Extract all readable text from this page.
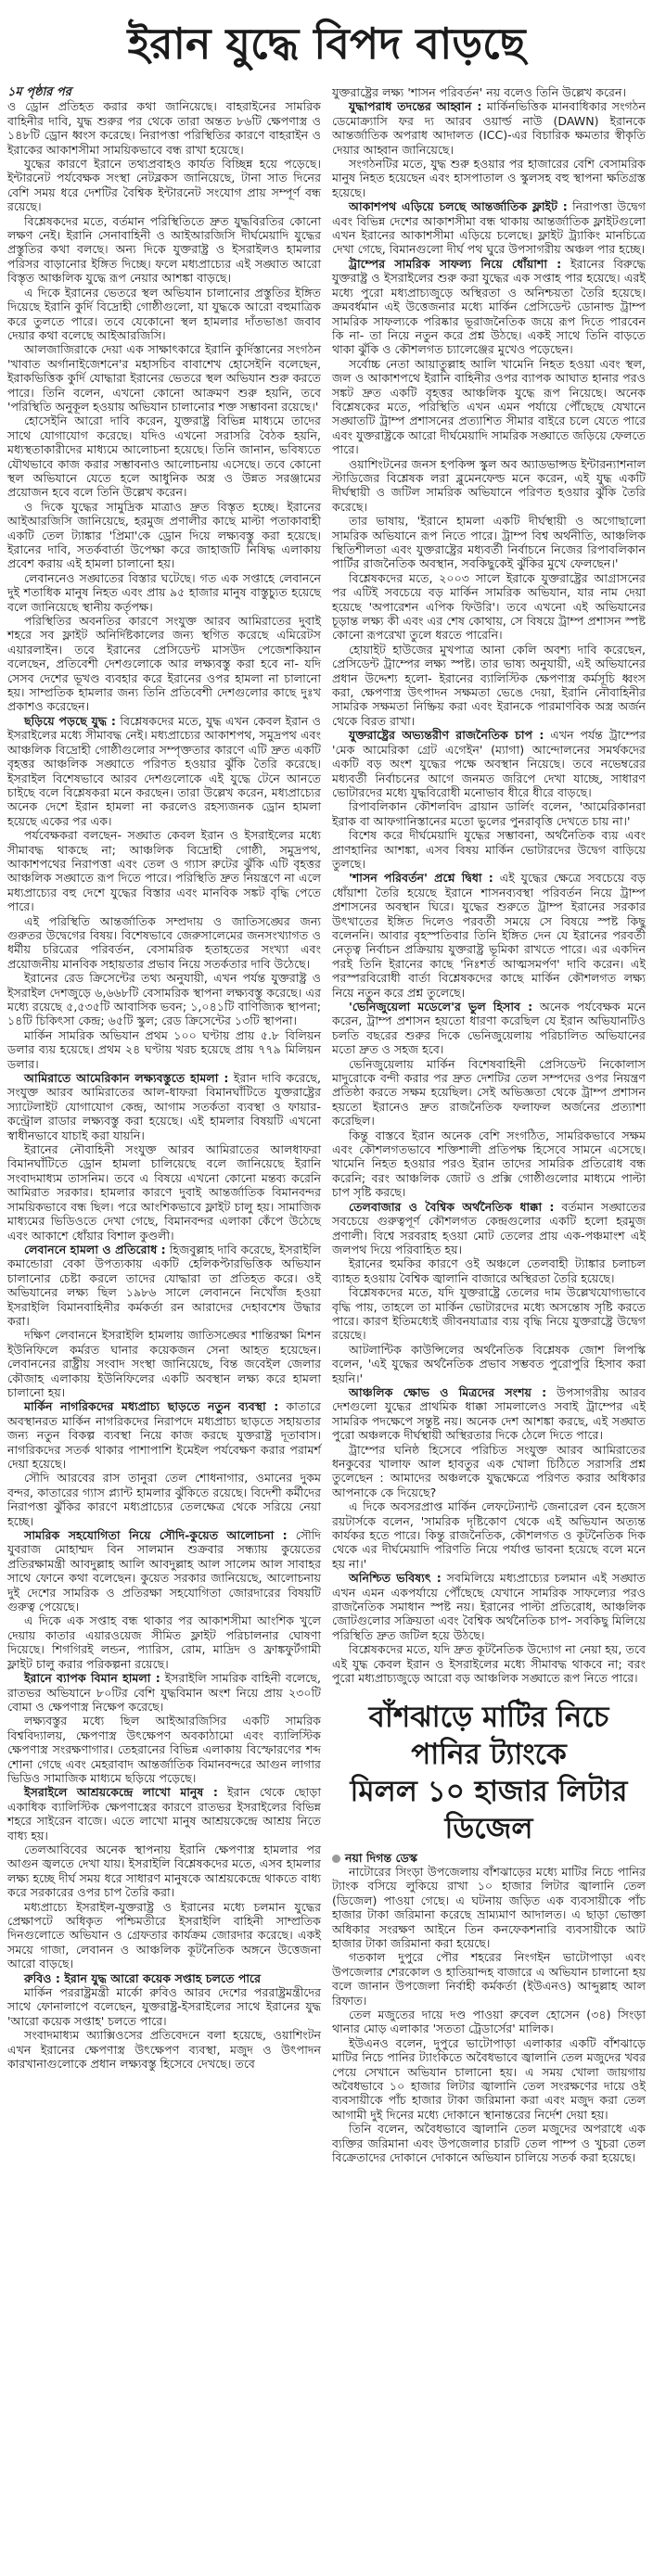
ইরান যুদ্ধে বিপদ বাড়ছে
১ম পৃষ্ঠার পর

ও ড্রোন প্রতিহত করার কথা জানিয়েছে। বাহরাইনের সামরিক বাহিনীর দাবি, যুদ্ধ শুরুর পর থেকে তারা অন্তত ৮৬টি ক্ষেপণাস্ত্র ও ১৪৮টি ড্রোন ধ্বংস করেছে। নিরাপত্তা পরিস্থিতির কারণে বাহরাইন ও ইরাকের আকাশসীমা সাময়িকভাবে বন্ধ রাখা হয়েছে।

যুদ্ধের কারণে ইরানে তথ্যপ্রবাহও কার্যত বিচ্ছিন্ন হয়ে পড়েছে। ইন্টারনেট পর্যবেক্ষক সংস্থা নেটব্লকস জানিয়েছে, টানা সাত দিনের বেশি সময় ধরে দেশটির বৈশ্বিক ইন্টারনেট সংযোগ প্রায় সম্পূর্ণ বন্ধ রয়েছে।

বিশ্লেষকদের মতে, বর্তমান পরিস্থিতিতে দ্রুত যুদ্ধবিরতির কোনো লক্ষণ নেই। ইরানি সেনাবাহিনী ও আইআরজিসি দীর্ঘমেয়াদি যুদ্ধের প্রস্তুতির কথা বলছে। অন্য দিকে যুক্তরাষ্ট্র ও ইসরাইলও হামলার পরিসর বাড়ানোর ইঙ্গিত দিচ্ছে। ফলে মধ্যপ্রাচ্যের এই সঙ্ঘাত আরো বিস্তৃত আঞ্চলিক যুদ্ধে রূপ নেয়ার আশঙ্কা বাড়ছে।

এ দিকে ইরানের ভেতরে স্থল অভিযান চালানোর প্রস্তুতির ইঙ্গিত দিয়েছে ইরানি কুর্দি বিদ্রোহী গোষ্ঠীগুলো, যা যুদ্ধকে আরো বহুমাত্রিক করে তুলতে পারে। তবে যেকোনো স্থল হামলার দাঁতভাঙা জবাব দেয়ার কথা বলেছে আইআরজিসি।

আলজাজিরাকে দেয়া এক সাক্ষাৎকারে ইরানি কুর্দিস্তানের সংগঠন 'খাবাত অর্গানাইজেশনে'র মহাসচিব বাবাশেখ হোসেইনি বলেছেন, ইরাকভিত্তিক কুর্দি যোদ্ধারা ইরানের ভেতরে স্থল অভিযান শুরু করতে পারে। তিনি বলেন, এখনো কোনো আক্রমণ শুরু হয়নি, তবে 'পরিস্থিতি অনুকূল হওয়ায় অভিযান চালানোর শক্ত সম্ভাবনা রয়েছে।'

হোসেইনি আরো দাবি করেন, যুক্তরাষ্ট্র বিভিন্ন মাধ্যমে তাদের সাথে যোগাযোগ করেছে। যদিও এখনো সরাসরি বৈঠক হয়নি, মধ্যস্থতাকারীদের মাধ্যমে আলোচনা হয়েছে। তিনি জানান, ভবিষ্যতে যৌথভাবে কাজ করার সম্ভাবনাও আলোচনায় এসেছে। তবে কোনো স্থল অভিযানে যেতে হলে আধুনিক অস্ত্র ও উন্নত সরঞ্জামের প্রয়োজন হবে বলে তিনি উল্লেখ করেন।

ও দিকে যুদ্ধের সামুদ্রিক মাত্রাও দ্রুত বিস্তৃত হচ্ছে। ইরানের আইআরজিসি জানিয়েছে, হরমুজ প্রণালীর কাছে মাল্টা পতাকাবাহী একটি তেল ট্যাঙ্কার 'প্রিমা'কে ড্রোন দিয়ে লক্ষ্যবস্তু করা হয়েছে। ইরানের দাবি, সতর্কবার্তা উপেক্ষা করে জাহাজটি নিষিদ্ধ এলাকায় প্রবেশ করায় এই হামলা চালানো হয়।

লেবাননেও সঙ্ঘাতের বিস্তার ঘটেছে। গত এক সপ্তাহে লেবাননে দুই শতাধিক মানুষ নিহত এবং প্রায় ৯৫ হাজার মানুষ বাস্তুচ্যুত হয়েছে বলে জানিয়েছে স্থানীয় কর্তৃপক্ষ।

পরিস্থিতির অবনতির কারণে সংযুক্ত আরব আমিরাতের দুবাই শহরে সব ফ্লাইট অনির্দিষ্টকালের জন্য স্থগিত করেছে এমিরেটস এয়ারলাইন। তবে ইরানের প্রেসিডেন্ট মাসউদ পেজেশকিয়ান বলেছেন, প্রতিবেশী দেশগুলোকে আর লক্ষ্যবস্তু করা হবে না- যদি সেসব দেশের ভূখণ্ড ব্যবহার করে ইরানের ওপর হামলা না চালানো হয়। সাম্প্রতিক হামলার জন্য তিনি প্রতিবেশী দেশগুলোর কাছে দুঃখ প্রকাশও করেছেন।

ছড়িয়ে পড়ছে যুদ্ধ : বিশ্লেষকদের মতে, যুদ্ধ এখন কেবল ইরান ও ইসরাইলের মধ্যে সীমাবদ্ধ নেই। মধ্যপ্রাচ্যের আকাশপথ, সমুদ্রপথ এবং আঞ্চলিক বিদ্রোহী গোষ্ঠীগুলোর সম্পৃক্ততার কারণে এটি দ্রুত একটি বৃহত্তর আঞ্চলিক সঙ্ঘাতে পরিণত হওয়ার ঝুঁকি তৈরি করেছে। ইসরাইল বিশেষভাবে আরব দেশগুলোকে এই যুদ্ধে টেনে আনতে চাইছে বলে বিশ্লেষকরা মনে করছেন। তারা উল্লেখ করেন, মধ্যপ্রাচ্যের অনেক দেশে ইরান হামলা না করলেও রহস্যজনক ড্রোন হামলা হয়েছে একের পর এক।

পর্যবেক্ষকরা বলছেন- সঙ্ঘাত কেবল ইরান ও ইসরাইলের মধ্যে সীমাবদ্ধ থাকছে না; আঞ্চলিক বিদ্রোহী গোষ্ঠী, সমুদ্রপথ, আকাশপথের নিরাপত্তা এবং তেল ও গ্যাস রুটের ঝুঁকি এটি বৃহত্তর আঞ্চলিক সঙ্ঘাতে রূপ দিতে পারে। পরিস্থিতি দ্রুত নিয়ন্ত্রণে না এলে মধ্যপ্রাচ্যের বহু দেশে যুদ্ধের বিস্তার এবং মানবিক সঙ্কট বৃদ্ধি পেতে পারে।

এই পরিস্থিতি আন্তর্জাতিক সম্প্রদায় ও জাতিসঙ্ঘের জন্য গুরুতর উদ্বেগের বিষয়। বিশেষভাবে জেরুসালেমের জনসংখ্যাগত ও ধর্মীয় চরিত্রের পরিবর্তন, বেসামরিক হতাহতের সংখ্যা এবং প্রয়োজনীয় মানবিক সহায়তার প্রভাব নিয়ে সতর্কতার দাবি উঠেছে।

ইরানের রেড ক্রিসেন্টের তথ্য অনুযায়ী, এখন পর্যন্ত যুক্তরাষ্ট্র ও ইসরাইল দেশজুড়ে ৬,৬৬৮টি বেসামরিক স্থাপনা লক্ষ্যবস্তু করেছে। এর মধ্যে রয়েছে ৫,৫৩৫টি আবাসিক ভবন; ১,০৪১টি বাণিজ্যিক স্থাপনা; ১৪টি চিকিৎসা কেন্দ্র; ৬৫টি স্কুল; রেড ক্রিসেন্টের ১৩টি স্থাপনা।

মার্কিন সামরিক অভিযান প্রথম ১০০ ঘণ্টায় প্রায় ৫.৮ বিলিয়ন ডলার ব্যয় হয়েছে। প্রথম ২৪ ঘণ্টায় খরচ হয়েছে প্রায় ৭৭৯ মিলিয়ন ডলার।

আমিরাতে আমেরিকান লক্ষ্যবস্তুতে হামলা : ইরান দাবি করেছে, সংযুক্ত আরব আমিরাতের আল-ধাফরা বিমানঘাঁটিতে যুক্তরাষ্ট্রের স্যাটেলাইট যোগাযোগ কেন্দ্র, আগাম সতর্কতা ব্যবস্থা ও ফায়ার-কন্ট্রোল রাডার লক্ষ্যবস্তু করা হয়েছে। এই হামলার বিষয়টি এখনো স্বাধীনভাবে যাচাই করা যায়নি।

ইরানের নৌবাহিনী সংযুক্ত আরব আমিরাতের আলধাফরা বিমানঘাঁটিতে ড্রোন হামলা চালিয়েছে বলে জানিয়েছে ইরানি সংবাদমাধ্যম তাসনিম। তবে এ বিষয়ে এখনো কোনো মন্তব্য করেনি আমিরাত সরকার। হামলার কারণে দুবাই আন্তর্জাতিক বিমানবন্দর সাময়িকভাবে বন্ধ ছিল। পরে আংশিকভাবে ফ্লাইট চালু হয়। সামাজিক মাধ্যমের ভিডিওতে দেখা গেছে, বিমানবন্দর এলাকা কেঁপে উঠেছে এবং আকাশে ধোঁয়ার বিশাল কুণ্ডলী।

লেবাননে হামলা ও প্রতিরোধ : হিজবুল্লাহ দাবি করেছে, ইসরাইলি কমান্ডোরা বেকা উপত্যকায় একটি হেলিকপ্টারভিত্তিক অভিযান চালানোর চেষ্টা করলে তাদের যোদ্ধারা তা প্রতিহত করে। ওই অভিযানের লক্ষ্য ছিল ১৯৮৬ সালে লেবাননে নিখোঁজ হওয়া ইসরাইলি বিমানবাহিনীর কর্মকর্তা রন আরাদের দেহাবশেষ উদ্ধার করা।

দক্ষিণ লেবাননে ইসরাইলি হামলায় জাতিসঙ্ঘের শান্তিরক্ষা মিশন ইউনিফিলে কর্মরত ঘানার কয়েকজন সেনা আহত হয়েছেন। লেবাননের রাষ্ট্রীয় সংবাদ সংস্থা জানিয়েছে, বিন্ত জবেইল জেলার কৌজাহ এলাকায় ইউনিফিলের একটি অবস্থান লক্ষ্য করে হামলা চালানো হয়।

মার্কিন নাগরিকদের মধ্যপ্রাচ্য ছাড়তে নতুন ব্যবস্থা : কাতারে অবস্থানরত মার্কিন নাগরিকদের নিরাপদে মধ্যপ্রাচ্য ছাড়তে সহায়তার জন্য নতুন বিকল্প ব্যবস্থা নিয়ে কাজ করছে যুক্তরাষ্ট্র দূতাবাস। নাগরিকদের সতর্ক থাকার পাশাপাশি ইমেইল পর্যবেক্ষণ করার পরামর্শ দেয়া হয়েছে।

সৌদি আরবের রাস তানুরা তেল শোধনাগার, ওমানের দুকম বন্দর, কাতারের গ্যাস প্ল্যান্ট হামলার ঝুঁকিতে রয়েছে। বিদেশী কর্মীদের নিরাপত্তা ঝুঁকির কারণে মধ্যপ্রাচ্যের তেলক্ষেত্র থেকে সরিয়ে নেয়া হচ্ছে।

সামরিক সহযোগিতা নিয়ে সৌদি-কুয়েত আলোচনা : সৌদি যুবরাজ মোহাম্মদ বিন সালমান শুক্রবার সন্ধ্যায় কুয়েতের প্রতিরক্ষামন্ত্রী আবদুল্লাহ আলি আবদুল্লাহ আল সালেম আল সাবাহর সাথে ফোনে কথা বলেছেন। কুয়েত সরকার জানিয়েছে, আলোচনায় দুই দেশের সামরিক ও প্রতিরক্ষা সহযোগিতা জোরদারের বিষয়টি গুরুত্ব পেয়েছে।

এ দিকে এক সপ্তাহ বন্ধ থাকার পর আকাশসীমা আংশিক খুলে দেয়ায় কাতার এয়ারওয়েজ সীমিত ফ্লাইট পরিচালনার ঘোষণা দিয়েছে। শিগগিরই লন্ডন, প্যারিস, রোম, মাদ্রিদ ও ফ্রাঙ্কফুর্টগামী ফ্লাইট চালু করার পরিকল্পনা রয়েছে।

ইরানে ব্যাপক বিমান হামলা : ইসরাইলি সামরিক বাহিনী বলেছে, রাতভর অভিযানে ৮০টির বেশি যুদ্ধবিমান অংশ নিয়ে প্রায় ২৩০টি বোমা ও ক্ষেপণাস্ত্র নিক্ষেপ করেছে।

লক্ষ্যবস্তুর মধ্যে ছিল আইআরজিসির একটি সামরিক বিশ্ববিদ্যালয়, ক্ষেপণাস্ত্র উৎক্ষেপণ অবকাঠামো এবং ব্যালিস্টিক ক্ষেপণাস্ত্র সংরক্ষণাগার। তেহরানের বিভিন্ন এলাকায় বিস্ফোরণের শব্দ শোনা গেছে এবং মেহরাবাদ আন্তর্জাতিক বিমানবন্দরে আগুন লাগার ভিডিও সামাজিক মাধ্যমে ছড়িয়ে পড়েছে।

ইসরাইলে আশ্রয়কেন্দ্রে লাখো মানুষ : ইরান থেকে ছোড়া একাধিক ব্যালিস্টিক ক্ষেপণাস্ত্রের কারণে রাতভর ইসরাইলের বিভিন্ন শহরে সাইরেন বাজে। এতে লাখো মানুষ আশ্রয়কেন্দ্রে আশ্রয় নিতে বাধ্য হয়।

তেলআবিবের অনেক স্থাপনায় ইরানি ক্ষেপণাস্ত্র হামলার পর আগুন জ্বলতে দেখা যায়। ইসরাইলি বিশ্লেষকদের মতে, এসব হামলার লক্ষ্য হচ্ছে দীর্ঘ সময় ধরে সাধারণ মানুষকে আশ্রয়কেন্দ্রে থাকতে বাধ্য করে সরকারের ওপর চাপ তৈরি করা।

মধ্যপ্রাচ্যে ইসরাইল-যুক্তরাষ্ট্র ও ইরানের মধ্যে চলমান যুদ্ধের প্রেক্ষাপটে অধিকৃত পশ্চিমতীরে ইসরাইলি বাহিনী সাম্প্রতিক দিনগুলোতে অভিযান ও গ্রেফতার কার্যক্রম জোরদার করেছে। একই সময়ে গাজা, লেবানন ও আঞ্চলিক কূটনৈতিক অঙ্গনে উত্তেজনা আরো বাড়ছে।

রুবিও : ইরান যুদ্ধ আরো কয়েক সপ্তাহ চলতে পারে

মার্কিন পররাষ্ট্রমন্ত্রী মার্কো রুবিও আরব দেশের পররাষ্ট্রমন্ত্রীদের সাথে ফোনালাপে বলেছেন, যুক্তরাষ্ট্র-ইসরাইলের সাথে ইরানের যুদ্ধ 'আরো কয়েক সপ্তাহ' চলতে পারে।

সংবাদমাধ্যম অ্যাক্সিওসের প্রতিবেদনে বলা হয়েছে, ওয়াশিংটন এখন ইরানের ক্ষেপণাস্ত্র উৎক্ষেপণ ব্যবস্থা, মজুদ ও উৎপাদন কারখানাগুলোকে প্রধান লক্ষ্যবস্তু হিসেবে দেখছে। তবে

যুক্তরাষ্ট্রের লক্ষ্য 'শাসন পরিবর্তন' নয় বলেও তিনি উল্লেখ করেন।

যুদ্ধাপরাধ তদন্তের আহ্বান : মার্কিনভিত্তিক মানবাধিকার সংগঠন ডেমোক্র্যাসি ফর দ্য আরব ওয়ার্ল্ড নাউ (DAWN) ইরানকে আন্তর্জাতিক অপরাধ আদালত (ICC)-এর বিচারিক ক্ষমতার স্বীকৃতি দেয়ার আহ্বান জানিয়েছে।

সংগঠনটির মতে, যুদ্ধ শুরু হওয়ার পর হাজারের বেশি বেসামরিক মানুষ নিহত হয়েছেন এবং হাসপাতাল ও স্কুলসহ বহু স্থাপনা ক্ষতিগ্রস্ত হয়েছে।

আকাশপথ এড়িয়ে চলছে আন্তর্জাতিক ফ্লাইট : নিরাপত্তা উদ্বেগ এবং বিভিন্ন দেশের আকাশসীমা বন্ধ থাকায় আন্তর্জাতিক ফ্লাইটগুলো এখন ইরানের আকাশসীমা এড়িয়ে চলেছে। ফ্লাইট ট্র্যাকিং মানচিত্রে দেখা গেছে, বিমানগুলো দীর্ঘ পথ ঘুরে উপসাগরীয় অঞ্চল পার হচ্ছে।

ট্রাম্পের সামরিক সাফল্য নিয়ে ধোঁয়াশা : ইরানের বিরুদ্ধে যুক্তরাষ্ট্র ও ইসরাইলের শুরু করা যুদ্ধের এক সপ্তাহ পার হয়েছে। এরই মধ্যে পুরো মধ্যপ্রাচ্যজুড়ে অস্থিরতা ও অনিশ্চয়তা তৈরি হয়েছে। ক্রমবর্ধমান এই উত্তেজনার মধ্যে মার্কিন প্রেসিডেন্ট ডোনাল্ড ট্রাম্প সামরিক সাফল্যকে পরিষ্কার ভূরাজনৈতিক জয়ে রূপ দিতে পারবেন কি না- তা নিয়ে নতুন করে প্রশ্ন উঠছে। একই সাথে তিনি বাড়তে থাকা ঝুঁকি ও কৌশলগত চ্যালেঞ্জের মুখেও পড়েছেন।

সর্বোচ্চ নেতা আয়াতুল্লাহ আলি খামেনি নিহত হওয়া এবং স্থল, জল ও আকাশপথে ইরানি বাহিনীর ওপর ব্যাপক আঘাত হানার পরও সঙ্কট দ্রুত একটি বৃহত্তর আঞ্চলিক যুদ্ধে রূপ নিয়েছে। অনেক বিশ্লেষকের মতে, পরিস্থিতি এখন এমন পর্যায়ে পৌঁছেছে যেখানে সঙ্ঘাতটি ট্রাম্প প্রশাসনের প্রত্যাশিত সীমার বাইরে চলে যেতে পারে এবং যুক্তরাষ্ট্রকে আরো দীর্ঘমেয়াদি সামরিক সঙ্ঘাতে জড়িয়ে ফেলতে পারে।

ওয়াশিংটনের জনস হপকিন্স স্কুল অব অ্যাডভান্সড ইন্টারন্যাশনাল স্টাডিজের বিশ্লেষক লরা ব্লুমেনফেল্ড মনে করেন, এই যুদ্ধ একটি দীর্ঘস্থায়ী ও জটিল সামরিক অভিযানে পরিণত হওয়ার ঝুঁকি তৈরি করেছে।

তার ভাষায়, 'ইরানে হামলা একটি দীর্ঘস্থায়ী ও অগোছালো সামরিক অভিযানে রূপ নিতে পারে। ট্রাম্প বিশ্ব অর্থনীতি, আঞ্চলিক স্থিতিশীলতা এবং যুক্তরাষ্ট্রের মধ্যবর্তী নির্বাচনে নিজের রিপাবলিকান পার্টির রাজনৈতিক অবস্থান, সবকিছুকেই ঝুঁকির মুখে ফেলছেন।'

বিশ্লেষকদের মতে, ২০০৩ সালে ইরাকে যুক্তরাষ্ট্রের আগ্রাসনের পর এটিই সবচেয়ে বড় মার্কিন সামরিক অভিযান, যার নাম দেয়া হয়েছে 'অপারেশন এপিক ফিউরি'। তবে এখনো এই অভিযানের চূড়ান্ত লক্ষ্য কী এবং এর শেষ কোথায়, সে বিষয়ে ট্রাম্প প্রশাসন স্পষ্ট কোনো রূপরেখা তুলে ধরতে পারেনি।

হোয়াইট হাউজের মুখপাত্র আনা কেলি অবশ্য দাবি করেছেন, প্রেসিডেন্ট ট্রাম্পের লক্ষ্য স্পষ্ট। তার ভাষ্য অনুযায়ী, এই অভিযানের প্রধান উদ্দেশ্য হলো- ইরানের ব্যালিস্টিক ক্ষেপণাস্ত্র কর্মসূচি ধ্বংস করা, ক্ষেপণাস্ত্র উৎপাদন সক্ষমতা ভেঙে দেয়া, ইরানি নৌবাহিনীর সামরিক সক্ষমতা নিষ্ক্রিয় করা এবং ইরানকে পারমাণবিক অস্ত্র অর্জন থেকে বিরত রাখা।

যুক্তরাষ্ট্রের অভ্যন্তরীণ রাজনৈতিক চাপ : এখন পর্যন্ত ট্রাম্পের 'মেক আমেরিকা গ্রেট এগেইন' (ম্যাগা) আন্দোলনের সমর্থকদের একটি বড় অংশ যুদ্ধের পক্ষে অবস্থান নিয়েছে। তবে নভেম্বরের মধ্যবর্তী নির্বাচনের আগে জনমত জরিপে দেখা যাচ্ছে, সাধারণ ভোটারদের মধ্যে যুদ্ধবিরোধী মনোভাব ধীরে ধীরে বাড়ছে।

রিপাবলিকান কৌশলবিদ ব্রায়ান ডার্লিং বলেন, 'আমেরিকানরা ইরাক বা আফগানিস্তানের মতো ভুলের পুনরাবৃত্তি দেখতে চায় না।'

বিশেষ করে দীর্ঘমেয়াদি যুদ্ধের সম্ভাবনা, অর্থনৈতিক ব্যয় এবং প্রাণহানির আশঙ্কা, এসব বিষয় মার্কিন ভোটারদের উদ্বেগ বাড়িয়ে তুলছে।

'শাসন পরিবর্তন' প্রশ্নে দ্বিধা : এই যুদ্ধের ক্ষেত্রে সবচেয়ে বড় ধোঁয়াশা তৈরি হয়েছে ইরানে শাসনব্যবস্থা পরিবর্তন নিয়ে ট্রাম্প প্রশাসনের অবস্থান ঘিরে। যুদ্ধের শুরুতে ট্রাম্প ইরানের সরকার উৎখাতের ইঙ্গিত দিলেও পরবর্তী সময়ে সে বিষয়ে স্পষ্ট কিছু বলেননি। আবার বৃহস্পতিবার তিনি ইঙ্গিত দেন যে ইরানের পরবর্তী নেতৃত্ব নির্বাচন প্রক্রিয়ায় যুক্তরাষ্ট্র ভূমিকা রাখতে পারে। এর একদিন পরই তিনি ইরানের কাছে 'নিঃশর্ত আত্মসমর্পণ' দাবি করেন। এই পরস্পরবিরোধী বার্তা বিশ্লেষকদের কাছে মার্কিন কৌশলগত লক্ষ্য নিয়ে নতুন করে প্রশ্ন তুলেছে।

'ভেনিজুয়েলা মডেলে'র ভুল হিসাব : অনেক পর্যবেক্ষক মনে করেন, ট্রাম্প প্রশাসন হয়তো ধারণা করেছিল যে ইরান অভিযানটিও চলতি বছরের শুরুর দিকে ভেনিজুয়েলায় পরিচালিত অভিযানের মতো দ্রুত ও সহজ হবে।

ভেনিজুয়েলায় মার্কিন বিশেষবাহিনী প্রেসিডেন্ট নিকোলাস মাদুরোকে বন্দী করার পর দ্রুত দেশটির তেল সম্পদের ওপর নিয়ন্ত্রণ প্রতিষ্ঠা করতে সক্ষম হয়েছিল। সেই অভিজ্ঞতা থেকে ট্রাম্প প্রশাসন হয়তো ইরানেও দ্রুত রাজনৈতিক ফলাফল অর্জনের প্রত্যাশা করেছিল।

কিন্তু বাস্তবে ইরান অনেক বেশি সংগঠিত, সামরিকভাবে সক্ষম এবং কৌশলগতভাবে শক্তিশালী প্রতিপক্ষ হিসেবে সামনে এসেছে। খামেনি নিহত হওয়ার পরও ইরান তাদের সামরিক প্রতিরোধ বন্ধ করেনি; বরং আঞ্চলিক জোট ও প্রক্সি গোষ্ঠীগুলোর মাধ্যমে পাল্টা চাপ সৃষ্টি করছে।

তেলবাজার ও বৈশ্বিক অর্থনৈতিক ধাক্কা : বর্তমান সঙ্ঘাতের সবচেয়ে গুরুত্বপূর্ণ কৌশলগত কেন্দ্রগুলোর একটি হলো হরমুজ প্রণালী। বিশ্বে সরবরাহ হওয়া মোট তেলের প্রায় এক-পঞ্চমাংশ এই জলপথ দিয়ে পরিবাহিত হয়।

ইরানের হুমকির কারণে ওই অঞ্চলে তেলবাহী ট্যাঙ্কার চলাচল ব্যাহত হওয়ায় বৈশ্বিক জ্বালানি বাজারে অস্থিরতা তৈরি হয়েছে।

বিশ্লেষকদের মতে, যদি যুক্তরাষ্ট্রে তেলের দাম উল্লেখযোগ্যভাবে বৃদ্ধি পায়, তাহলে তা মার্কিন ভোটারদের মধ্যে অসন্তোষ সৃষ্টি করতে পারে। কারণ ইতিমধ্যেই জীবনযাত্রার ব্যয় বৃদ্ধি নিয়ে যুক্তরাষ্ট্রে উদ্বেগ রয়েছে।

আটলান্টিক কাউন্সিলের অর্থনৈতিক বিশ্লেষক জোশ লিপস্কি বলেন, 'এই যুদ্ধের অর্থনৈতিক প্রভাব সম্ভবত পুরোপুরি হিসাব করা হয়নি।'

আঞ্চলিক ক্ষোভ ও মিত্রদের সংশয় : উপসাগরীয় আরব দেশগুলো যুদ্ধের প্রাথমিক ধাক্কা সামলালেও সবাই ট্রাম্পের এই সামরিক পদক্ষেপে সন্তুষ্ট নয়। অনেক দেশ আশঙ্কা করছে, এই সঙ্ঘাত পুরো অঞ্চলকে দীর্ঘস্থায়ী অস্থিরতার দিকে ঠেলে দিতে পারে।

ট্রাম্পের ঘনিষ্ঠ হিসেবে পরিচিত সংযুক্ত আরব আমিরাতের ধনকুবের খালাফ আল হাবতুর এক খোলা চিঠিতে সরাসরি প্রশ্ন তুলেছেন : আমাদের অঞ্চলকে যুদ্ধক্ষেত্রে পরিণত করার অধিকার আপনাকে কে দিয়েছে?

এ দিকে অবসরপ্রাপ্ত মার্কিন লেফটেন্যান্ট জেনারেল বেন হজেস রয়টার্সকে বলেন, 'সামরিক দৃষ্টিকোণ থেকে এই অভিযান অত্যন্ত কার্যকর হতে পারে। কিন্তু রাজনৈতিক, কৌশলগত ও কূটনৈতিক দিক থেকে এর দীর্ঘমেয়াদি পরিণতি নিয়ে পর্যাপ্ত ভাবনা হয়েছে বলে মনে হয় না।'

অনিশ্চিত ভবিষ্যৎ : সবমিলিয়ে মধ্যপ্রাচ্যের চলমান এই সঙ্ঘাত এখন এমন একপর্যায়ে পৌঁছেছে যেখানে সামরিক সাফল্যের পরও রাজনৈতিক সমাধান স্পষ্ট নয়। ইরানের পাল্টা প্রতিরোধ, আঞ্চলিক জোটগুলোর সক্রিয়তা এবং বৈশ্বিক অর্থনৈতিক চাপ- সবকিছু মিলিয়ে পরিস্থিতি দ্রুত জটিল হয়ে উঠছে।

বিশ্লেষকদের মতে, যদি দ্রুত কূটনৈতিক উদ্যোগ না নেয়া হয়, তবে এই যুদ্ধ কেবল ইরান ও ইসরাইলের মধ্যে সীমাবদ্ধ থাকবে না; বরং পুরো মধ্যপ্রাচ্যজুড়ে আরো বড় আঞ্চলিক সঙ্ঘাতে রূপ নিতে পারে।

বাঁশঝাড়ে মাটির নিচে পানির ট্যাংকে
মিলল ১০ হাজার লিটার ডিজেল
নয়া দিগন্ত ডেস্ক

নাটোরের সিংড়া উপজেলায় বাঁশঝাড়ের মধ্যে মাটির নিচে পানির ট্যাংক বসিয়ে লুকিয়ে রাখা ১০ হাজার লিটার জ্বালানি তেল (ডিজেল) পাওয়া গেছে। এ ঘটনায় জড়িত এক ব্যবসায়ীকে পাঁচ হাজার টাকা জরিমানা করেছে ভ্রাম্যমাণ আদালত। এ ছাড়া ভোক্তা অধিকার সংরক্ষণ আইনে তিন কনফেকশনারি ব্যবসায়ীকে আট হাজার টাকা জরিমানা করা হয়েছে।

গতকাল দুপুরে পৌর শহরের নিংগইন ভাটোপাড়া এবং উপজেলার শেরকোল ও হাতিয়ান্দহ বাজারে এ অভিযান চালানো হয় বলে জানান উপজেলা নির্বাহী কর্মকর্তা (ইউএনও) আব্দুল্লাহ আল রিফাত।

তেল মজুতের দায়ে দণ্ড পাওয়া রুবেল হোসেন (৩৪) সিংড়া থানার মোড় এলাকার 'সততা ট্রেডার্সের' মালিক।

ইউএনও বলেন, দুপুরে ভাটোপাড়া এলাকার একটি বাঁশঝাড়ে মাটির নিচে পানির ট্যাংকিতে অবৈধভাবে জ্বালানি তেল মজুদের খবর পেয়ে সেখানে অভিযান চালানো হয়। এ সময় খোলা জায়গায় অবৈধভাবে ১০ হাজার লিটার জ্বালানি তেল সংরক্ষণের দায়ে ওই ব্যবসায়ীকে পাঁচ হাজার টাকা জরিমানা করা এবং মজুদ করা তেল আগামী দুই দিনের মধ্যে দোকানে স্থানান্তরের নির্দেশ দেয়া হয়।

তিনি বলেন, অবৈধভাবে জ্বালানি তেল মজুদের অপরাধে এক ব্যক্তির জরিমানা এবং উপজেলার চারটি তেল পাম্প ও খুচরা তেল বিক্রেতাদের দোকানে দোকানে অভিযান চালিয়ে সতর্ক করা হয়েছে।
